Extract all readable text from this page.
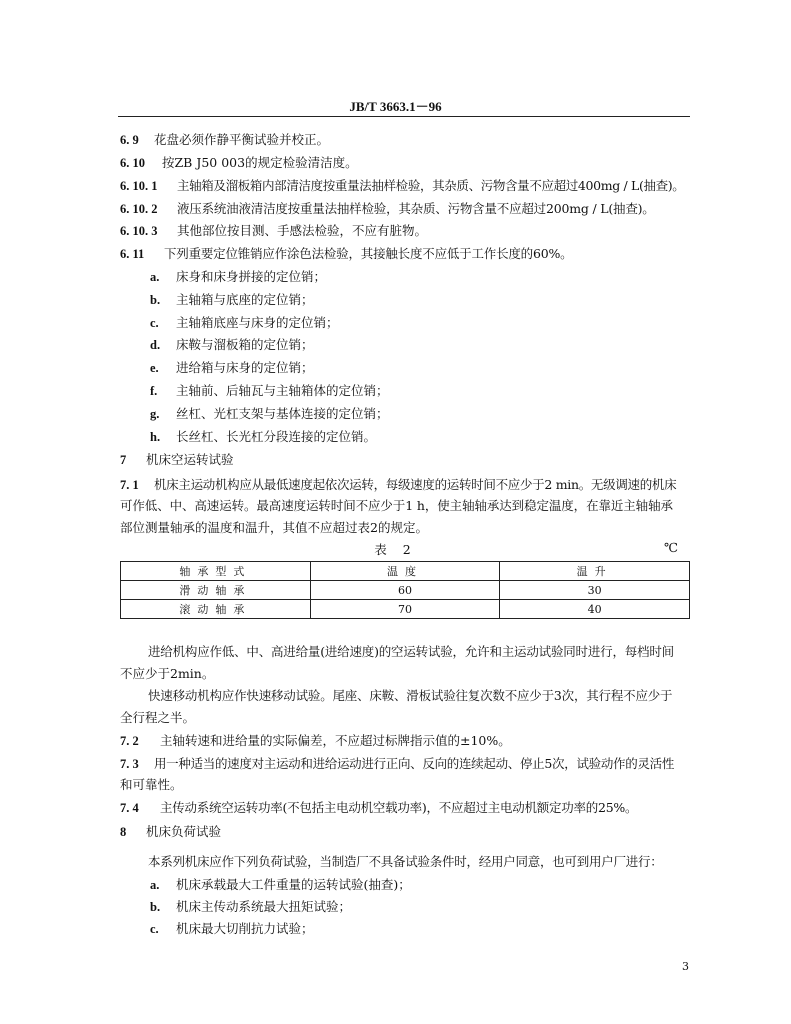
JB/T 3663.1－96
6. 9 花盘必须作静平衡试验并校正。
6. 10 按ZB J50 003的规定检验清洁度。
6. 10. 1 主轴箱及溜板箱内部清洁度按重量法抽样检验，其杂质、污物含量不应超过400mg / L(抽查)。
6. 10. 2 液压系统油液清洁度按重量法抽样检验，其杂质、污物含量不应超过200mg / L(抽查)。
6. 10. 3 其他部位按目测、手感法检验，不应有脏物。
6. 11 下列重要定位锥销应作涂色法检验，其接触长度不应低于工作长度的60%。
a. 床身和床身拼接的定位销；
b. 主轴箱与底座的定位销；
c. 主轴箱底座与床身的定位销；
d. 床鞍与溜板箱的定位销；
e. 进给箱与床身的定位销；
f. 主轴前、后轴瓦与主轴箱体的定位销；
g. 丝杠、光杠支架与基体连接的定位销；
h. 长丝杠、长光杠分段连接的定位销。
7 机床空运转试验
7. 1 机床主运动机构应从最低速度起依次运转，每级速度的运转时间不应少于2 min。无级调速的机床
可作低、中、高速运转。最高速度运转时间不应少于1 h，使主轴轴承达到稳定温度，在靠近主轴轴承
部位测量轴承的温度和温升，其值不应超过表2的规定。
表 2	℃
轴承型式	温度	温升
滑动轴承	60	30
滚动轴承	70	40
进给机构应作低、中、高进给量(进给速度)的空运转试验，允许和主运动试验同时进行，每档时间
不应少于2min。
快速移动机构应作快速移动试验。尾座、床鞍、滑板试验往复次数不应少于3次，其行程不应少于
全行程之半。
7. 2 主轴转速和进给量的实际偏差，不应超过标牌指示值的±10%。
7. 3 用一种适当的速度对主运动和进给运动进行正向、反向的连续起动、停止5次，试验动作的灵活性
和可靠性。
7. 4 主传动系统空运转功率(不包括主电动机空载功率)，不应超过主电动机额定功率的25%。
8 机床负荷试验
本系列机床应作下列负荷试验，当制造厂不具备试验条件时，经用户同意，也可到用户厂进行：
a. 机床承载最大工件重量的运转试验(抽查)；
b. 机床主传动系统最大扭矩试验；
c. 机床最大切削抗力试验；
3
